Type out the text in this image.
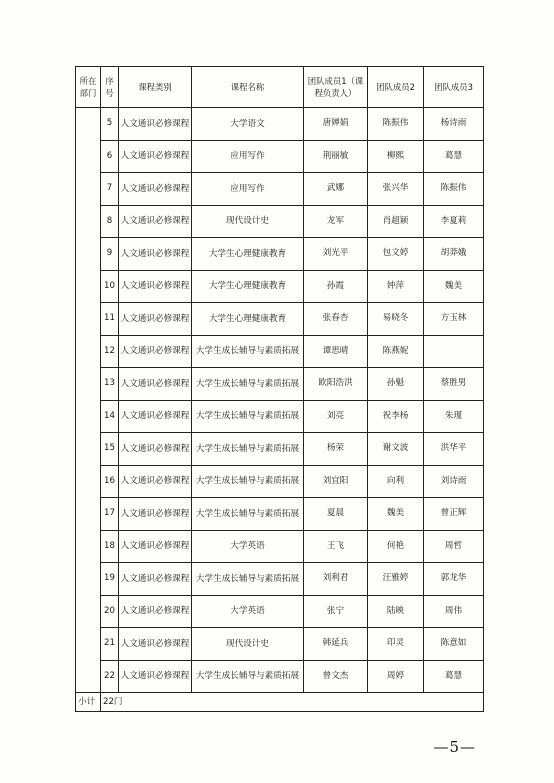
所在部门	序号	课程类别	课程名称	团队成员1（课程负责人）	团队成员2	团队成员3
	5	人文通识必修课程	大学语文	唐婵娟	陈振伟	杨诗雨
	6	人文通识必修课程	应用写作	荆丽敏	柳熙	葛慧
	7	人文通识必修课程	应用写作	武娜	张兴华	陈振伟
	8	人文通识必修课程	现代设计史	龙军	肖超颖	李夏莉
	9	人文通识必修课程	大学生心理健康教育	刘光平	包文婷	胡莽娥
	10	人文通识必修课程	大学生心理健康教育	孙霞	钟萍	魏美
	11	人文通识必修课程	大学生心理健康教育	张春杏	易晓冬	方玉林
	12	人文通识必修课程	大学生成长辅导与素质拓展	谭思晴	陈燕妮	
	13	人文通识必修课程	大学生成长辅导与素质拓展	欧阳浩洪	孙魁	蔡胜男
	14	人文通识必修课程	大学生成长辅导与素质拓展	刘亮	祝李杨	朱瑾
	15	人文通识必修课程	大学生成长辅导与素质拓展	杨荣	谢文波	洪华平
	16	人文通识必修课程	大学生成长辅导与素质拓展	刘宜阳	向利	刘诗雨
	17	人文通识必修课程	大学生成长辅导与素质拓展	夏晨	魏美	曾正辉
	18	人文通识必修课程	大学英语	王飞	何艳	周哲
	19	人文通识必修课程	大学生成长辅导与素质拓展	刘利君	汪雅婷	郭龙华
	20	人文通识必修课程	大学英语	张宁	陆映	周伟
	21	人文通识必修课程	现代设计史	韩延兵	印灵	陈意如
	22	人文通识必修课程	大学生成长辅导与素质拓展	曾文杰	周婷	葛慧
小计	22门					
—5—
